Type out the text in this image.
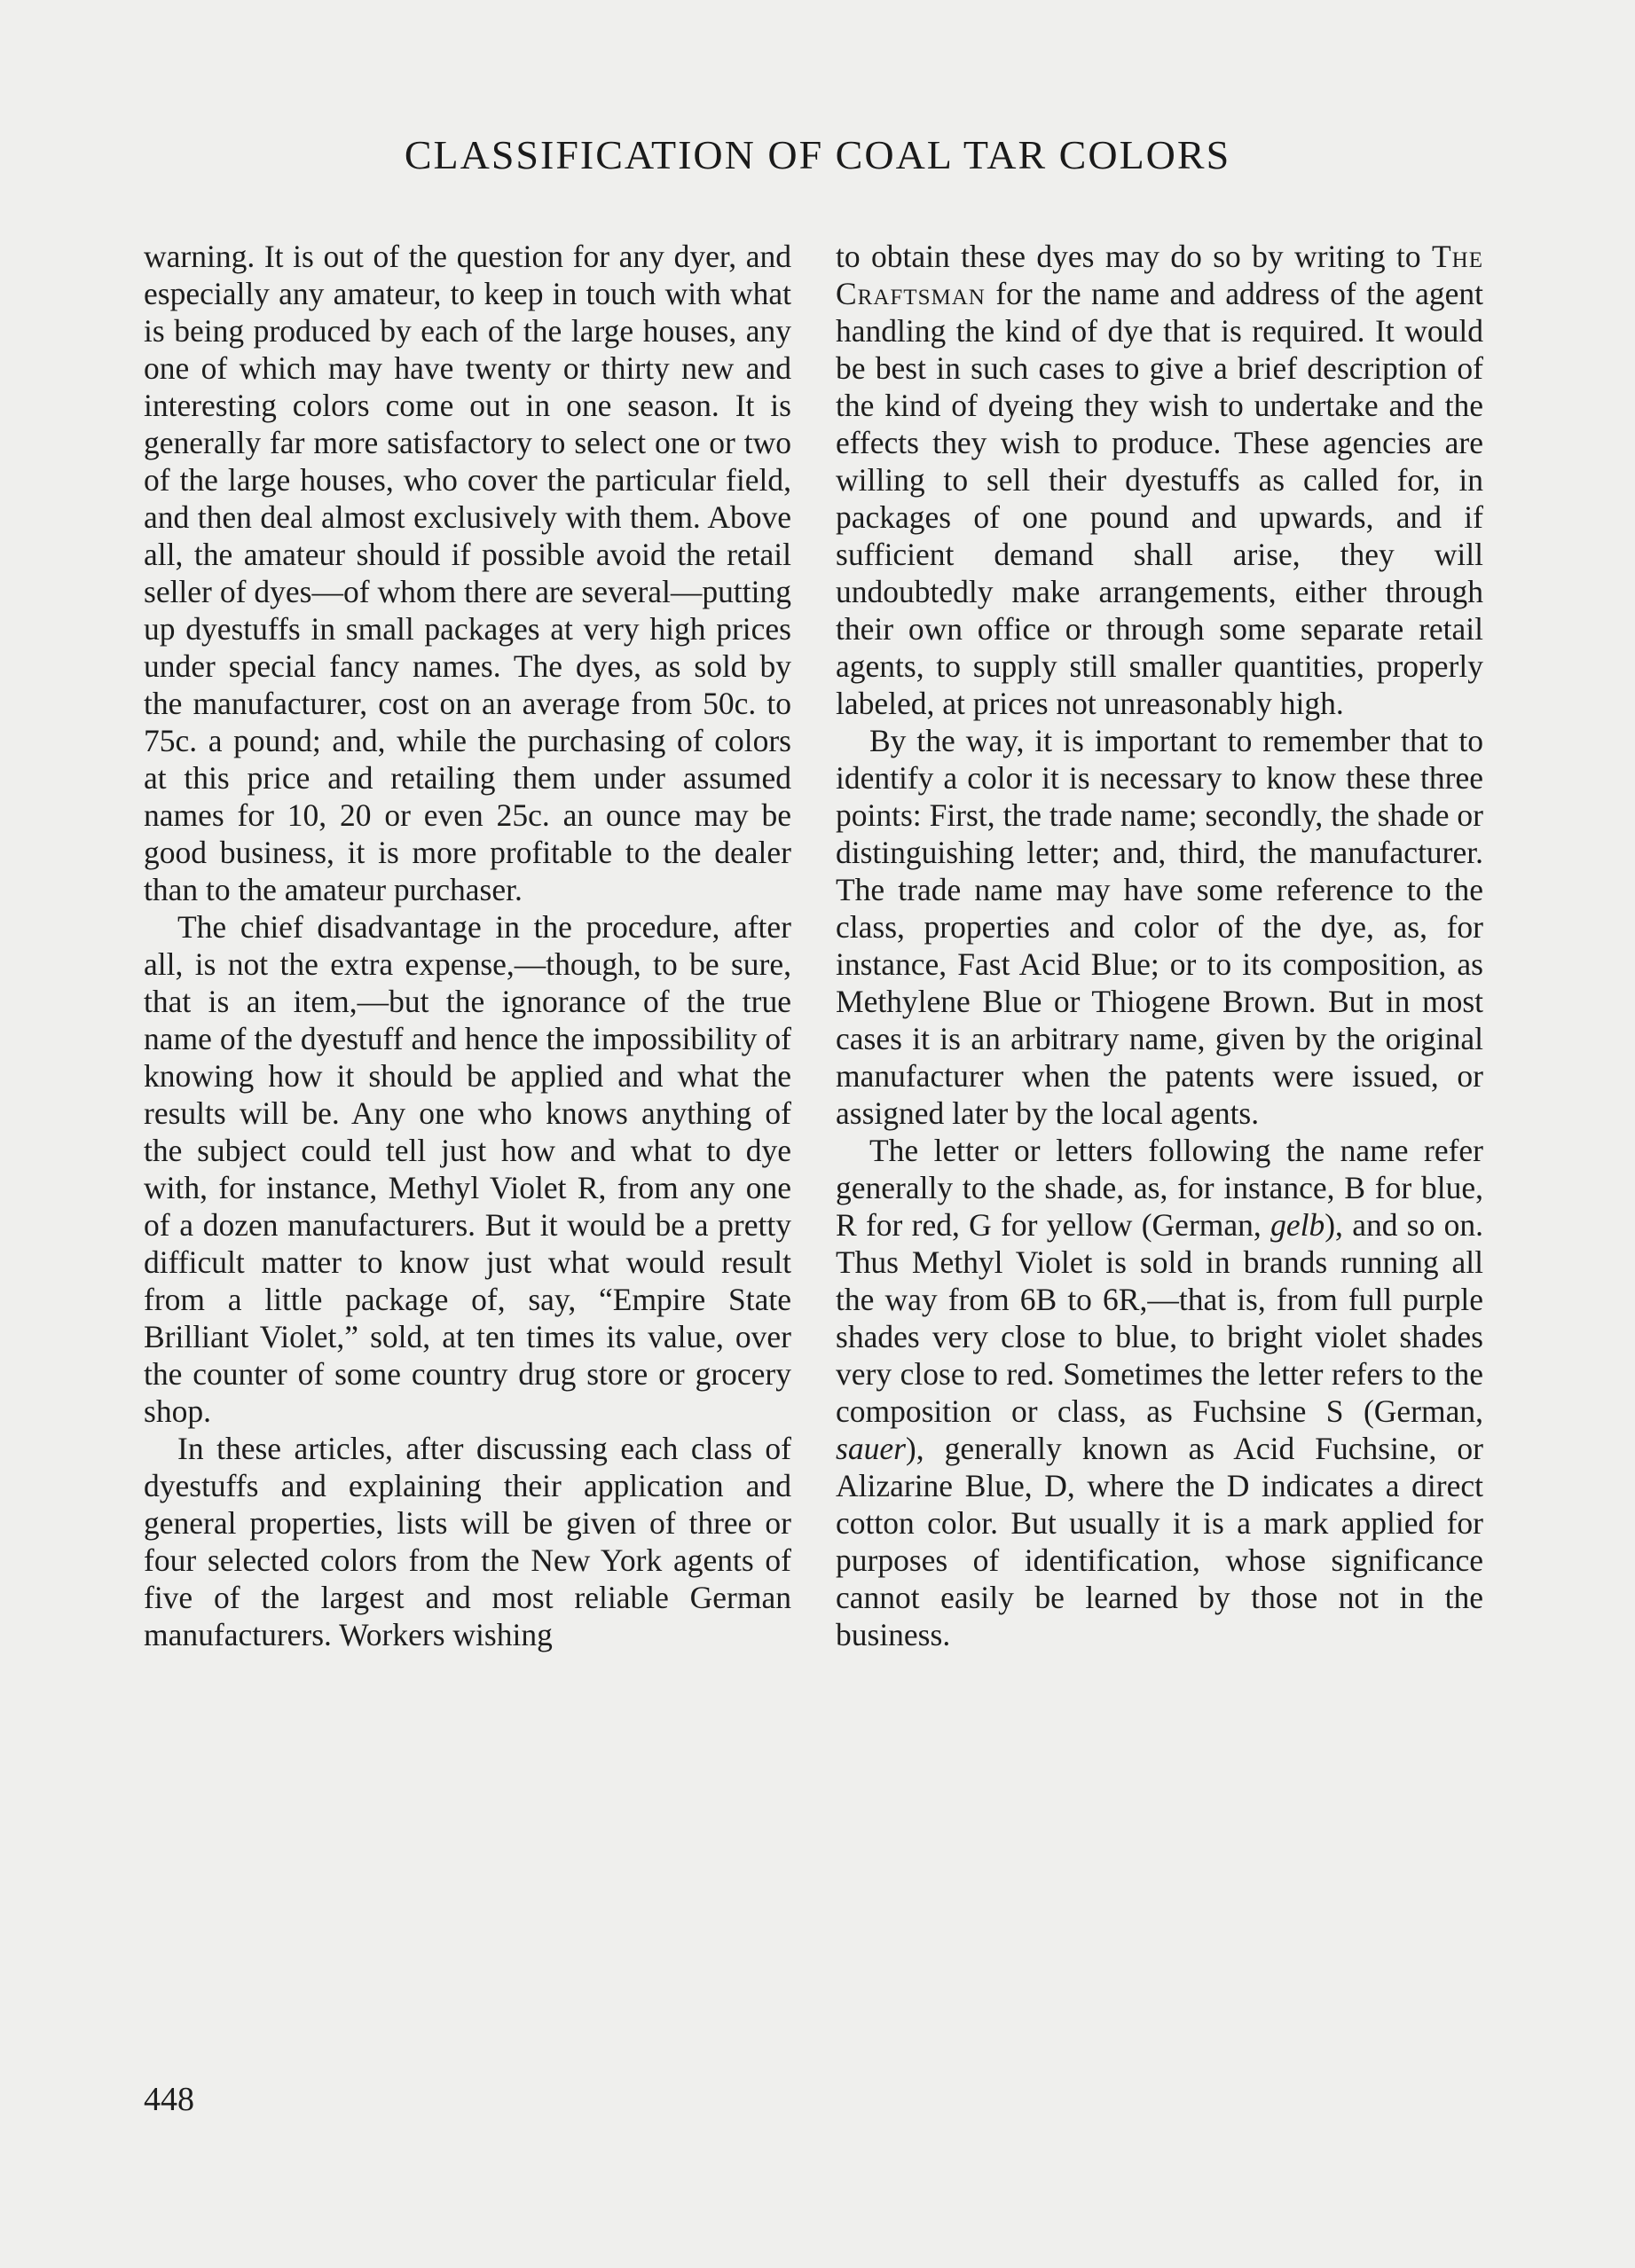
CLASSIFICATION OF COAL TAR COLORS

warning. It is out of the question for any dyer, and especially any amateur, to keep in touch with what is being produced by each of the large houses, any one of which may have twenty or thirty new and interesting colors come out in one season. It is generally far more satisfactory to select one or two of the large houses, who cover the particular field, and then deal almost exclusively with them. Above all, the amateur should if possible avoid the retail seller of dyes—of whom there are several—putting up dyestuffs in small packages at very high prices under special fancy names. The dyes, as sold by the manufacturer, cost on an average from 50c. to 75c. a pound; and, while the purchasing of colors at this price and retailing them under assumed names for 10, 20 or even 25c. an ounce may be good business, it is more profitable to the dealer than to the amateur purchaser.

The chief disadvantage in the procedure, after all, is not the extra expense,—though, to be sure, that is an item,—but the ignorance of the true name of the dyestuff and hence the impossibility of knowing how it should be applied and what the results will be. Any one who knows anything of the subject could tell just how and what to dye with, for instance, Methyl Violet R, from any one of a dozen manufacturers. But it would be a pretty difficult matter to know just what would result from a little package of, say, “Empire State Brilliant Violet,” sold, at ten times its value, over the counter of some country drug store or grocery shop.

In these articles, after discussing each class of dyestuffs and explaining their application and general properties, lists will be given of three or four selected colors from the New York agents of five of the largest and most reliable German manufacturers. Workers wishing

to obtain these dyes may do so by writing to The Craftsman for the name and address of the agent handling the kind of dye that is required. It would be best in such cases to give a brief description of the kind of dyeing they wish to undertake and the effects they wish to produce. These agencies are willing to sell their dyestuffs as called for, in packages of one pound and upwards, and if sufficient demand shall arise, they will undoubtedly make arrangements, either through their own office or through some separate retail agents, to supply still smaller quantities, properly labeled, at prices not unreasonably high.

By the way, it is important to remember that to identify a color it is necessary to know these three points: First, the trade name; secondly, the shade or distinguishing letter; and, third, the manufacturer. The trade name may have some reference to the class, properties and color of the dye, as, for instance, Fast Acid Blue; or to its composition, as Methylene Blue or Thiogene Brown. But in most cases it is an arbitrary name, given by the original manufacturer when the patents were issued, or assigned later by the local agents.

The letter or letters following the name refer generally to the shade, as, for instance, B for blue, R for red, G for yellow (German, gelb), and so on. Thus Methyl Violet is sold in brands running all the way from 6B to 6R,—that is, from full purple shades very close to blue, to bright violet shades very close to red. Sometimes the letter refers to the composition or class, as Fuchsine S (German, sauer), generally known as Acid Fuchsine, or Alizarine Blue, D, where the D indicates a direct cotton color. But usually it is a mark applied for purposes of identification, whose significance cannot easily be learned by those not in the business.

448
